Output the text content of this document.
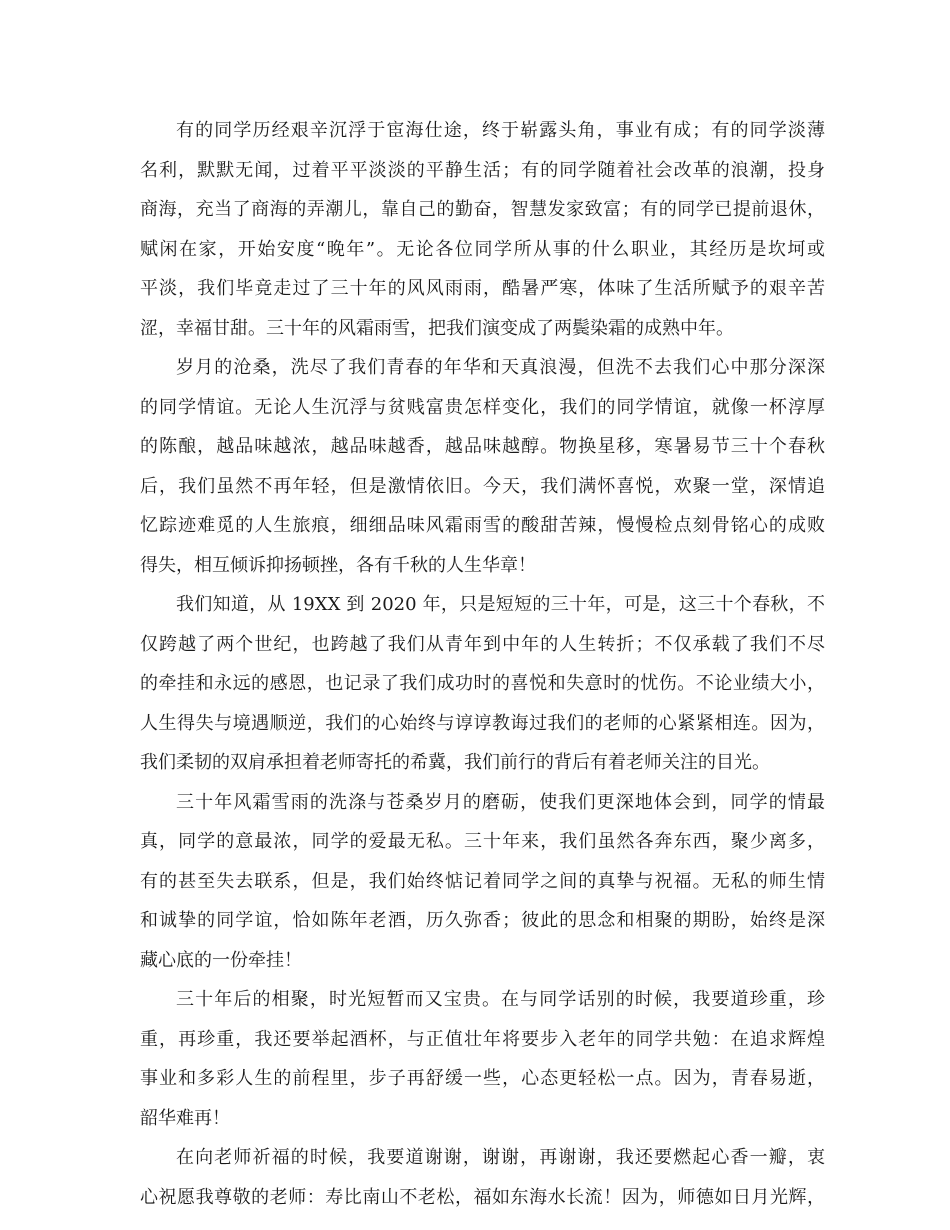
有的同学历经艰辛沉浮于宦海仕途，终于崭露头角，事业有成；有的同学淡薄
名利，默默无闻，过着平平淡淡的平静生活；有的同学随着社会改革的浪潮，投身
商海，充当了商海的弄潮儿，靠自己的勤奋，智慧发家致富；有的同学已提前退休，
赋闲在家，开始安度“晚年”。无论各位同学所从事的什么职业，其经历是坎坷或
平淡，我们毕竟走过了三十年的风风雨雨，酷暑严寒，体味了生活所赋予的艰辛苦
涩，幸福甘甜。三十年的风霜雨雪，把我们演变成了两鬓染霜的成熟中年。
岁月的沧桑，洗尽了我们青春的年华和天真浪漫，但洗不去我们心中那分深深
的同学情谊。无论人生沉浮与贫贱富贵怎样变化，我们的同学情谊，就像一杯淳厚
的陈酿，越品味越浓，越品味越香，越品味越醇。物换星移，寒暑易节三十个春秋
后，我们虽然不再年轻，但是激情依旧。今天，我们满怀喜悦，欢聚一堂，深情追
忆踪迹难觅的人生旅痕，细细品味风霜雨雪的酸甜苦辣，慢慢检点刻骨铭心的成败
得失，相互倾诉抑扬顿挫，各有千秋的人生华章！
我们知道，从 19XX 到 2020 年，只是短短的三十年，可是，这三十个春秋，不
仅跨越了两个世纪，也跨越了我们从青年到中年的人生转折；不仅承载了我们不尽
的牵挂和永远的感恩，也记录了我们成功时的喜悦和失意时的忧伤。不论业绩大小，
人生得失与境遇顺逆，我们的心始终与谆谆教诲过我们的老师的心紧紧相连。因为，
我们柔韧的双肩承担着老师寄托的希冀，我们前行的背后有着老师关注的目光。
三十年风霜雪雨的洗涤与苍桑岁月的磨砺，使我们更深地体会到，同学的情最
真，同学的意最浓，同学的爱最无私。三十年来，我们虽然各奔东西，聚少离多，
有的甚至失去联系，但是，我们始终惦记着同学之间的真挚与祝福。无私的师生情
和诚挚的同学谊，恰如陈年老酒，历久弥香；彼此的思念和相聚的期盼，始终是深
藏心底的一份牵挂！
三十年后的相聚，时光短暂而又宝贵。在与同学话别的时候，我要道珍重，珍
重，再珍重，我还要举起酒杯，与正值壮年将要步入老年的同学共勉：在追求辉煌
事业和多彩人生的前程里，步子再舒缓一些，心态更轻松一点。因为，青春易逝，
韶华难再！
在向老师祈福的时候，我要道谢谢，谢谢，再谢谢，我还要燃起心香一瓣，衷
心祝愿我尊敬的老师：寿比南山不老松，福如东海水长流！因为，师德如日月光辉，
